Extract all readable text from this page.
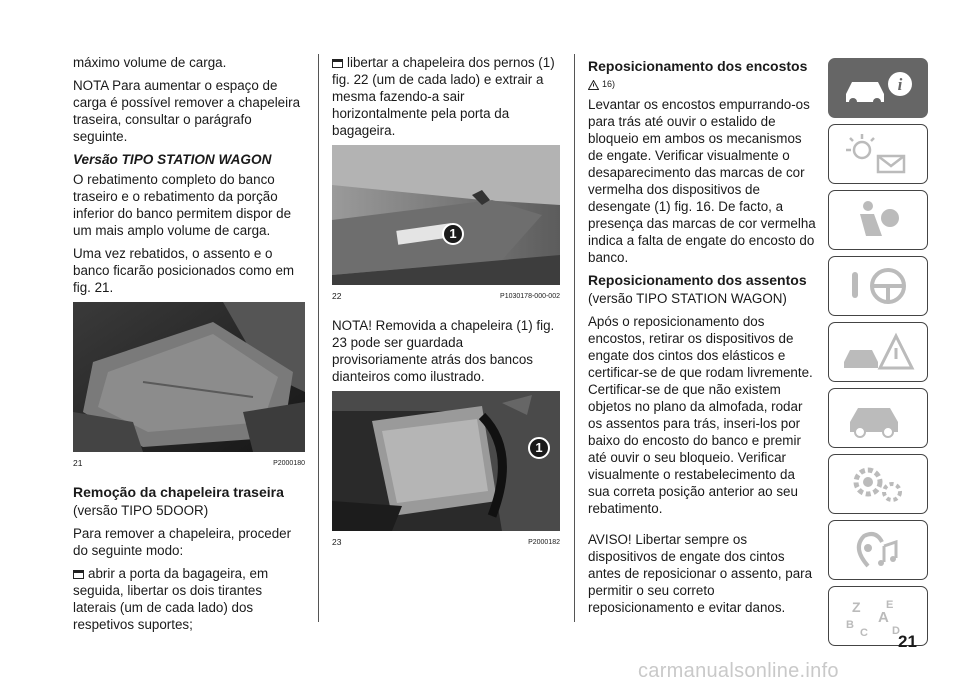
máximo volume de carga.

NOTA Para aumentar o espaço de carga é possível remover a chapeleira traseira, consultar o parágrafo seguinte.

Versão TIPO STATION WAGON

O rebatimento completo do banco traseiro e o rebatimento da porção inferior do banco permitem dispor de um mais amplo volume de carga.

Uma vez rebatidos, o assento e o banco ficarão posicionados como em fig. 21.

21	P2000180
Remoção da chapeleira traseira

(versão TIPO 5DOOR)

Para remover a chapeleira, proceder do seguinte modo:

abrir a porta da bagageira, em seguida, libertar os dois tirantes laterais (um de cada lado) dos respetivos suportes;

libertar a chapeleira dos pernos (1) fig. 22 (um de cada lado) e extrair a mesma fazendo-a sair horizontalmente pela porta da bagageira.

1
22	P1030178-000-002

NOTA! Removida a chapeleira (1) fig. 23 pode ser guardada provisoriamente atrás dos bancos dianteiros como ilustrado.

1
23	P2000182
Reposicionamento dos encostos
16)

Levantar os encostos empurrando-os para trás até ouvir o estalido de bloqueio em ambos os mecanismos de engate. Verificar visualmente o desaparecimento das marcas de cor vermelha dos dispositivos de desengate (1) fig. 16. De facto, a presença das marcas de cor vermelha indica a falta de engate do encosto do banco.

Reposicionamento dos assentos

(versão TIPO STATION WAGON)

Após o reposicionamento dos encostos, retirar os dispositivos de engate dos cintos dos elásticos e certificar-se de que rodam livremente. Certificar-se de que não existem objetos no plano da almofada, rodar os assentos para trás, inseri-los por baixo do encosto do banco e premir até ouvir o seu bloqueio. Verificar visualmente o restabelecimento da sua correta posição anterior ao seu rebatimento.

AVISO! Libertar sempre os dispositivos de engate dos cintos antes de reposicionar o assento, para permitir o seu correto reposicionamento e evitar danos.

i
Z E
A
B
C D
21
carmanualsonline.info
